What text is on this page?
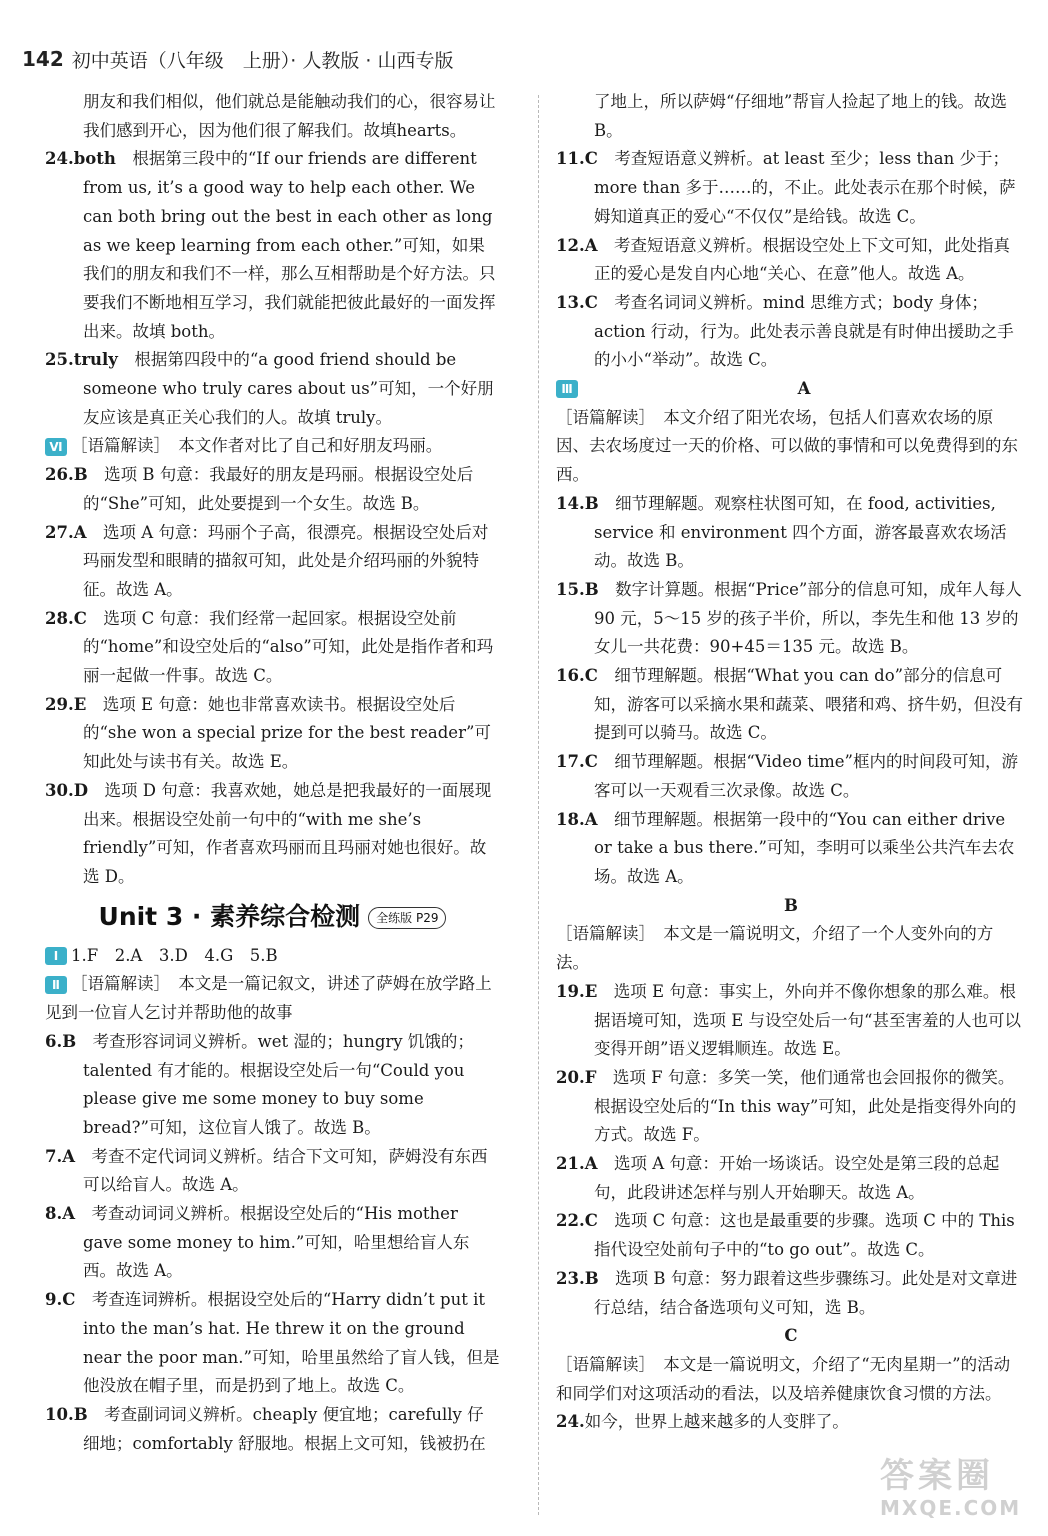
142 初中英语（八年级　上册）· 人教版 · 山西专版

朋友和我们相似，他们就总是能触动我们的心，很容易让我们感到开心，因为他们很了解我们。故填hearts。

24.both　 根据第三段中的“If our friends are different from us, it’s a good way to help each other. We can both bring out the best in each other as long as we keep learning from each other.”可知，如果我们的朋友和我们不一样，那么互相帮助是个好方法。只要我们不断地相互学习，我们就能把彼此最好的一面发挥出来。故填 both。

25.truly　 根据第四段中的“a good friend should be someone who truly cares about us”可知，一个好朋友应该是真正关心我们的人。故填 truly。

Ⅵ ［语篇解读］　本文作者对比了自己和好朋友玛丽。

26.B　 选项 B 句意：我最好的朋友是玛丽。根据设空处后的“She”可知，此处要提到一个女生。故选 B。

27.A　 选项 A 句意：玛丽个子高，很漂亮。根据设空处后对玛丽发型和眼睛的描叙可知，此处是介绍玛丽的外貌特征。故选 A。

28.C　 选项 C 句意：我们经常一起回家。根据设空处前的“home”和设空处后的“also”可知，此处是指作者和玛丽一起做一件事。故选 C。

29.E　 选项 E 句意：她也非常喜欢读书。根据设空处后的“she won a special prize for the best reader”可知此处与读书有关。故选 E。

30.D　 选项 D 句意：我喜欢她，她总是把我最好的一面展现出来。根据设空处前一句中的“with me she’s friendly”可知，作者喜欢玛丽而且玛丽对她也很好。故选 D。

Unit 3 · 素养综合检测	全练版 P29

Ⅰ 1.F　2.A　3.D　4.G　5.B

Ⅱ ［语篇解读］　本文是一篇记叙文，讲述了萨姆在放学路上见到一位盲人乞讨并帮助他的故事

6.B　 考查形容词词义辨析。wet 湿的；hungry 饥饿的；talented 有才能的。根据设空处后一句“Could you please give me some money to buy some bread?”可知，这位盲人饿了。故选 B。

7.A　 考查不定代词词义辨析。结合下文可知，萨姆没有东西可以给盲人。故选 A。

8.A　 考查动词词义辨析。根据设空处后的“His mother gave some money to him.”可知，哈里想给盲人东西。故选 A。

9.C　 考查连词辨析。根据设空处后的“Harry didn’t put it into the man’s hat. He threw it on the ground near the poor man.”可知，哈里虽然给了盲人钱，但是他没放在帽子里，而是扔到了地上。故选 C。

10.B　 考查副词词义辨析。cheaply 便宜地；carefully 仔细地；comfortably 舒服地。根据上文可知，钱被扔在

了地上，所以萨姆“仔细地”帮盲人捡起了地上的钱。故选 B。

11.C　 考查短语意义辨析。at least 至少；less than 少于；more than 多于……的，不止。此处表示在那个时候，萨姆知道真正的爱心“不仅仅”是给钱。故选 C。

12.A　 考查短语意义辨析。根据设空处上下文可知，此处指真正的爱心是发自内心地“关心、在意”他人。故选 A。

13.C　 考查名词词义辨析。mind 思维方式；body 身体；action 行动，行为。此处表示善良就是有时伸出援助之手的小小“举动”。故选 C。

Ⅲ	A

［语篇解读］　本文介绍了阳光农场，包括人们喜欢农场的原因、去农场度过一天的价格、可以做的事情和可以免费得到的东西。

14.B　 细节理解题。观察柱状图可知，在 food, activities, service 和 environment 四个方面，游客最喜欢农场活动。故选 B。

15.B　 数字计算题。根据“Price”部分的信息可知，成年人每人 90 元，5～15 岁的孩子半价，所以，李先生和他 13 岁的女儿一共花费：90+45＝135 元。故选 B。

16.C　 细节理解题。根据“What you can do”部分的信息可知，游客可以采摘水果和蔬菜、喂猪和鸡、挤牛奶，但没有提到可以骑马。故选 C。

17.C　 细节理解题。根据“Video time”框内的时间段可知，游客可以一天观看三次录像。故选 C。

18.A　 细节理解题。根据第一段中的“You can either drive or take a bus there.”可知，李明可以乘坐公共汽车去农场。故选 A。

B

［语篇解读］　本文是一篇说明文，介绍了一个人变外向的方法。

19.E　 选项 E 句意：事实上，外向并不像你想象的那么难。根据语境可知，选项 E 与设空处后一句“甚至害羞的人也可以变得开朗”语义逻辑顺连。故选 E。

20.F　 选项 F 句意：多笑一笑，他们通常也会回报你的微笑。根据设空处后的“In this way”可知，此处是指变得外向的方式。故选 F。

21.A　 选项 A 句意：开始一场谈话。设空处是第三段的总起句，此段讲述怎样与别人开始聊天。故选 A。

22.C　 选项 C 句意：这也是最重要的步骤。选项 C 中的 This 指代设空处前句子中的“to go out”。故选 C。

23.B　 选项 B 句意：努力跟着这些步骤练习。此处是对文章进行总结，结合备选项句义可知，选 B。

C

［语篇解读］　本文是一篇说明文，介绍了“无肉星期一”的活动和同学们对这项活动的看法，以及培养健康饮食习惯的方法。

24.如今，世界上越来越多的人变胖了。

答案圈
MXQE.COM
